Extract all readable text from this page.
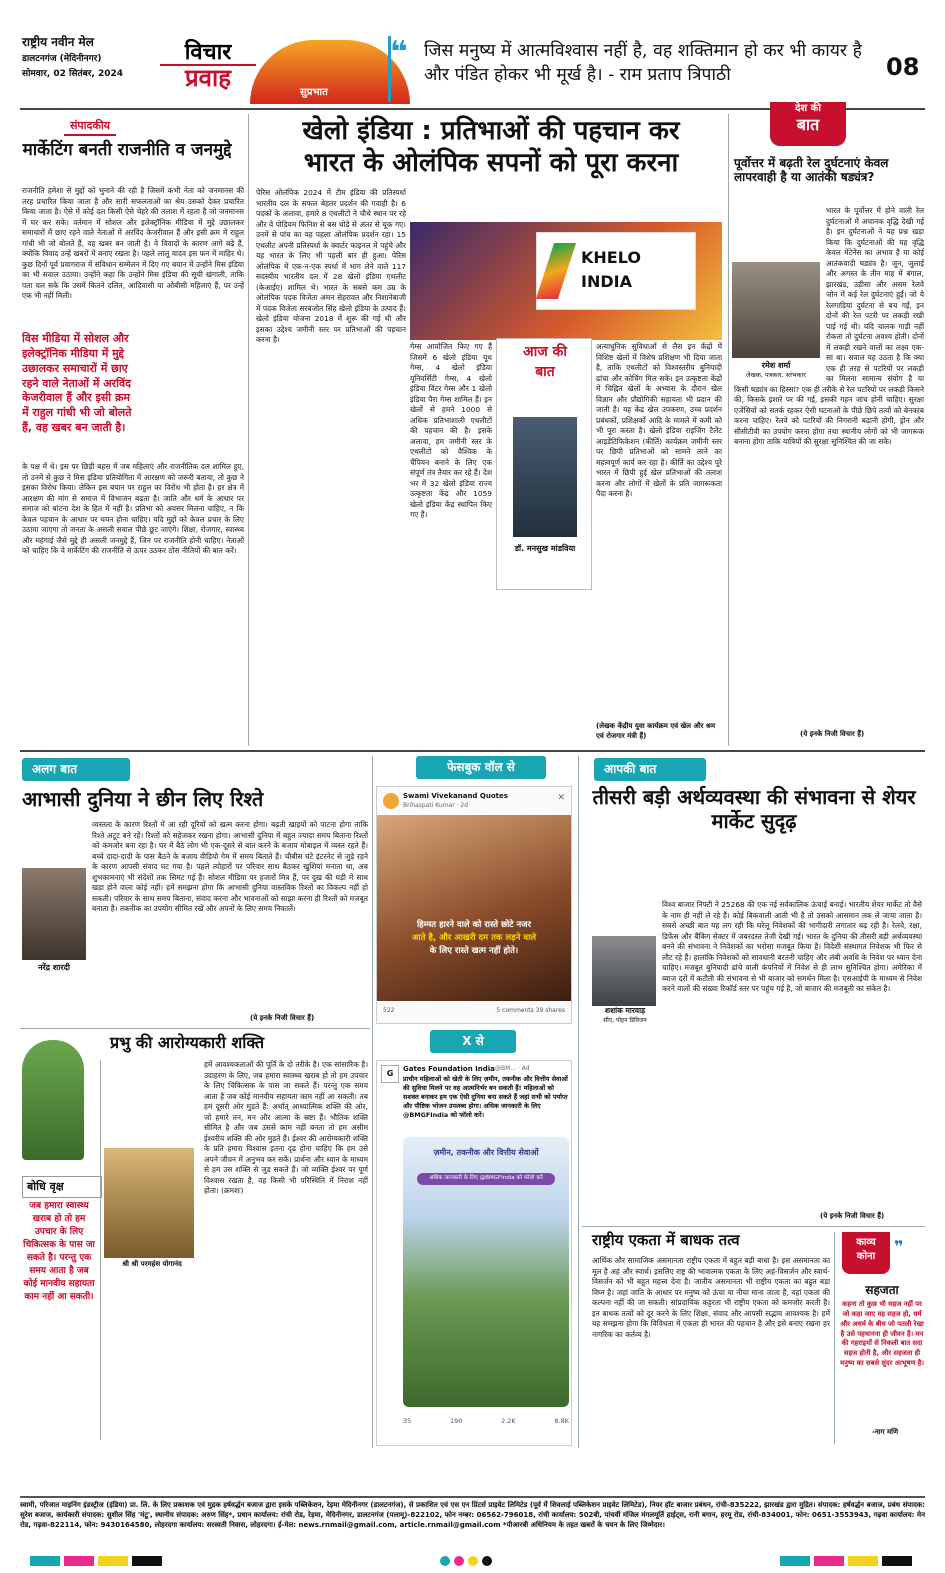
राष्ट्रीय नवीन मेल
डालटनगंज (मेदिनीनगर)
सोमवार, 02 सितंबर, 2024
सुप्रभात
विचार
प्रवाह
❝ जिस मनुष्य में आत्मविश्वास नहीं है, वह शक्तिमान हो कर भी कायर है और पंडित होकर भी मूर्ख है। - राम प्रताप त्रिपाठी	08
संपादकीय
मार्केटिंग बनती राजनीति व जनमुद्दे
राजनीति हमेशा से मुद्दों को भुनाने की रही है जिसमें कभी नेता को जनमानस की तरह प्रचारित किया जाता है और सारी सफलताओं का श्रेय उसको देकर प्रचारित किया जाता है। ऐसे में कोई दल किसी ऐसे चेहरे की तलाश में रहता है जो जनमानस में घर कर सके। वर्तमान में सोशल और इलेक्ट्रॉनिक मीडिया में मुद्दे उछालकर समाचारों में छाए रहने वाले नेताओं में अरविंद केजरीवाल हैं और इसी क्रम में राहुल गांधी भी जो बोलते हैं, वह खबर बन जाती है। वे विवादों के कारण आगे बढ़े हैं, क्योंकि विवाद उन्हें खबरों में बनाए रखता है। पहले लालू यादव इस फन में माहिर थे। कुछ दिनों पूर्व प्रयागराज में संविधान सम्मेलन में दिए गए बयान में उन्होंने मिस इंडिया का भी सवाल उठाया। उन्होंने कहा कि उन्होंने मिस इंडिया की सूची खंगाली, ताकि पता चल सके कि उसमें कितने दलित, आदिवासी या ओबीसी महिलाएं हैं, पर उन्हें एक भी नहीं मिली।
विस मीडिया में सोशल और इलेक्ट्रॉनिक मीडिया में मुद्दे उछालकर समाचारों में छाए रहने वाले नेताओं में अरविंद केजरीवाल हैं और इसी क्रम में राहुल गांधी भी जो बोलते हैं, वह खबर बन जाती है।
के पक्ष में थे। इस पर छिड़ी बहस में जब महिलाएं और राजनीतिक दल शामिल हुए, तो उनमें से कुछ ने मिस इंडिया प्रतियोगिता में आरक्षण को जरूरी बताया, तो कुछ ने इसका विरोध किया। लेकिन इस बयान पर राहुल का विरोध भी होता है। हर क्षेत्र में आरक्षण की मांग से समाज में विभाजन बढ़ता है। जाति और धर्म के आधार पर समाज को बांटना देश के हित में नहीं है। प्रतिभा को अवसर मिलना चाहिए, न कि केवल पहचान के आधार पर चयन होना चाहिए। यदि मुद्दों को केवल प्रचार के लिए उठाया जाएगा तो जनता के असली सवाल पीछे छूट जाएंगे। शिक्षा, रोजगार, स्वास्थ्य और महंगाई जैसे मुद्दे ही असली जनमुद्दे हैं, जिन पर राजनीति होनी चाहिए। नेताओं को चाहिए कि वे मार्केटिंग की राजनीति से ऊपर उठकर ठोस नीतियों की बात करें।
खेलो इंडिया : प्रतिभाओं की पहचान कर
भारत के ओलंपिक सपनों को पूरा करना
पेरिस ओलंपिक 2024 में टीम इंडिया की प्रतिस्पर्धा भारतीय दल के सफल बेहतर प्रदर्शन की गवाही है। 6 पदकों के अलावा, हमारे 8 एथलीटों ने चौथे स्थान पर रहे और वे पोडियम फिनिश से बस थोड़े से अंतर से चूक गए। उनमें से पांच का यह पहला ओलंपिक प्रदर्शन रहा। 15 एथलीट अपनी प्रतिस्पर्धा के क्वार्टर फाइनल में पहुंचे और यह भारत के लिए भी पहली बार ही हुआ। पेरिस ओलंपिक में एक-न-एक स्पर्धा में भाग लेने वाले 117 सदस्यीय भारतीय दल में 28 खेलो इंडिया एथलीट (केआईए) शामिल थे। भारत के सबसे कम उम्र के ओलंपिक पदक विजेता अमन सेहरावत और निशानेबाजी में पदक विजेता सरबजोत सिंह खेलो इंडिया के उत्पाद हैं। खेलो इंडिया योजना 2018 में शुरू की गई थी और इसका उद्देश्य जमीनी स्तर पर प्रतिभाओं की पहचान करना है।
KHELO
INDIA
आज की बात
डॉ. मनसुख मांडविया
गेम्स आयोजित किए गए हैं जिसमें 6 खेलो इंडिया यूथ गेम्स, 4 खेलो इंडिया यूनिवर्सिटी गेम्स, 4 खेलो इंडिया विंटर गेम्स और 1 खेलो इंडिया पैरा गेम्स शामिल हैं। इन खेलों से हमने 1000 से अधिक प्रतिभाशाली एथलीटों की पहचान की है। इसके अलावा, हम जमीनी स्तर के एथलीटों को वैश्विक के चैंपियन बनाने के लिए एक संपूर्ण तंत्र तैयार कर रहे हैं। देश भर में 32 खेलो इंडिया राज्य उत्कृष्टता केंद्र और 1059 खेलो इंडिया केंद्र स्थापित किए गए हैं।
अत्याधुनिक सुविधाओं से लैस इन केंद्रों में विशिष्ट खेलों में विशेष प्रशिक्षण भी दिया जाता है, ताकि एथलीटों को विश्वस्तरीय बुनियादी ढांचा और कोचिंग मिल सके। इन उत्कृष्टता केंद्रों में चिह्नित खेलों के अभ्यास के दौरान खेल विज्ञान और प्रौद्योगिकी सहायता भी प्रदान की जाती है। यह केंद्र खेल उपकरण, उच्च प्रदर्शन प्रबंधकों, प्रशिक्षकों आदि के मामले में कमी को भी पूरा करता है। खेलो इंडिया राइजिंग टैलेंट आइडेंटिफिकेशन (कीर्ति) कार्यक्रम जमीनी स्तर पर छिपी प्रतिभाओं को सामने लाने का महत्वपूर्ण कार्य कर रहा है। कीर्ति का उद्देश्य पूरे भारत में छिपी हुई खेल प्रतिभाओं की तलाश करना और लोगों में खेलों के प्रति जागरूकता पैदा करना है।
(लेखक केंद्रीय युवा कार्यक्रम एवं खेल और श्रम एवं रोजगार मंत्री हैं)
देश की
बात
पूर्वोत्तर में बढ़ती रेल दुर्घटनाएं केवल लापरवाही है या आतंकी षड्यंत्र?
रमेश शर्मा
लेखक, पत्रकार, स्तंभकार
भारत के पूर्वोत्तर में होने वाली रेल दुर्घटनाओं में अचानक वृद्धि देखी गई है। इन दुर्घटनाओं ने यह प्रश्न खड़ा किया कि दुर्घटनाओं की यह वृद्धि केवल मेंटेनेंस का अभाव है या कोई आतंकवादी षड्यंत्र है। जून, जुलाई और अगस्त के तीन माह में बंगाल, झारखंड, उड़ीसा और असम रेलवे जोन में कई रेल दुर्घटनाएं हुईं। जो ये रेलगाड़ियां दुर्घटना से बच गईं, इन दोनों की रेल पटरी पर लकड़ी रखी पाई गई थी। यदि चालक गाड़ी नहीं रोकता तो दुर्घटना अवश्य होती। दोनों में लकड़ी रखने वालों का लक्ष्य एक-सा था। सवाल यह उठता है कि क्या एक ही तरह से पटरियों पर लकड़ी का मिलना सामान्य संयोग है या किसी षड्यंत्र का हिस्सा? एक ही तरीके से रेल पटरियों पर लकड़ी किसने की, किसके इशारे पर की गई, इसकी गहन जांच होनी चाहिए। सुरक्षा एजेंसियों को सतर्क रहकर ऐसी घटनाओं के पीछे छिपे तत्वों को बेनकाब करना चाहिए। रेलवे को पटरियों की निगरानी बढ़ानी होगी, ड्रोन और सीसीटीवी का उपयोग करना होगा तथा स्थानीय लोगों को भी जागरूक बनाना होगा ताकि यात्रियों की सुरक्षा सुनिश्चित की जा सके।
(ये इनके निजी विचार हैं)
अलग बात
आभासी दुनिया ने छीन लिए रिश्ते
नरेंद्र शारदी
व्यस्तता के कारण रिश्तों में आ रही दूरियों को खत्म करना होगा। बढ़ती खाइयों को पाटना होगा ताकि रिश्ते अटूट बने रहें। रिश्तों को सहेजकर रखना होगा। आभासी दुनिया में बहुत ज्यादा समय बिताना रिश्तों को कमजोर बना रहा है। घर में बैठे लोग भी एक-दूसरे से बात करने के बजाय मोबाइल में व्यस्त रहते हैं। बच्चे दादा-दादी के पास बैठने के बजाय वीडियो गेम में समय बिताते हैं। चौबीस घंटे इंटरनेट से जुड़े रहने के कारण आपसी संवाद घट गया है। पहले त्योहारों पर परिवार साथ बैठकर खुशियां मनाता था, अब शुभकामनाएं भी संदेशों तक सिमट गई हैं। सोशल मीडिया पर हजारों मित्र हैं, पर दुख की घड़ी में साथ खड़ा होने वाला कोई नहीं। हमें समझना होगा कि आभासी दुनिया वास्तविक रिश्तों का विकल्प नहीं हो सकती। परिवार के साथ समय बिताना, संवाद करना और भावनाओं को साझा करना ही रिश्तों को मजबूत बनाता है। तकनीक का उपयोग सीमित रखें और अपनों के लिए समय निकालें।
(ये इनके निजी विचार हैं)
प्रभु की आरोग्यकारी शक्ति
बोधि वृक्ष
जब हमारा स्वास्थ्य खराब हो तो हम उपचार के लिए चिकित्सक के पास जा सकते है। परन्तु एक समय आता है जब कोई मानवीय सहायता काम नहीं आ सकती।
श्री श्री परमहंस योगानंद
हमें आवश्यकताओं की पूर्ति के दो तरीके है। एक सांसारिक है। उदाहरण के लिए, जब हमारा स्वास्थ्य खराब हो तो हम उपचार के लिए चिकित्सक के पास जा सकते हैं। परन्तु एक समय आता है जब कोई मानवीय सहायता काम नहीं आ सकती। तब हम दूसरी ओर मुड़ते हैं: अर्थात् आध्यात्मिक शक्ति की ओर, जो हमारे तन, मन और आत्मा के स्रष्टा हैं। भौतिक शक्ति सीमित है और जब उससे काम नहीं बनता तो हम असीम ईश्वरीय शक्ति की ओर मुड़ते हैं। ईश्वर की आरोग्यकारी शक्ति के प्रति हमारा विश्वास इतना दृढ़ होना चाहिए कि हम उसे अपने जीवन में अनुभव कर सकें। प्रार्थना और ध्यान के माध्यम से हम उस शक्ति से जुड़ सकते हैं। जो व्यक्ति ईश्वर पर पूर्ण विश्वास रखता है, वह किसी भी परिस्थिति में निराश नहीं होता। (क्रमशः)
फेसबुक वॉल से
Swami Vivekanand Quotes
Brihaspati Kumar · 2d
✕
हिम्मत हारने वाले को रास्ते छोटे नजर
आते है, और आखरी दम तक लड़ने वाले
के लिए रास्ते खत्म नहीं होते।
522	5 comments 39 shares
X से
G	Gates Foundation India @BM... · Ad
प्राचीन महिलाओं को खेती के लिए ज़मीन, तकनीक और वित्तीय सेवाओं की सुविधा मिलने पर वह आत्मनिर्भर बन सकती हैं! महिलाओं को सशक्त बनाकर हम एक ऐसी दुनिया बना सकते हैं जहां सभी को पर्याप्त और पौष्टिक भोजन उपलब्ध होगा। अधिक जानकारी के लिए @BMGFIndia को फॉलो करें।
ज़मीन, तकनीक और वित्तीय सेवाओं
अधिक जानकारी के लिए @BMGFIndia को फॉलो करें
35	190	2.2K	8.8K
आपकी बात
तीसरी बड़ी अर्थव्यवस्था की संभावना से शेयर मार्केट सुदृढ़
शशांक मारवाड़
सीए, पोहन डिविजन
विश्व बाजार निफ्टी ने 25268 की एक नई सर्वकालिक ऊंचाई बनाई। भारतीय शेयर मार्केट तो वैसे के नाम ही नहीं ले रहे हैं। कोई बिकवाली आती भी है तो उसको आसमान तक ले जाया जाता है। सबसे अच्छी बात यह लग रही कि घरेलू निवेशकों की भागीदारी लगातार बढ़ रही है। रेलवे, रक्षा, डिफेंस और बैंकिंग सेक्टर में जबरदस्त तेजी देखी गई। भारत के दुनिया की तीसरी बड़ी अर्थव्यवस्था बनने की संभावना ने निवेशकों का भरोसा मजबूत किया है। विदेशी संस्थागत निवेशक भी फिर से लौट रहे हैं। हालांकि निवेशकों को सावधानी बरतनी चाहिए और लंबी अवधि के निवेश पर ध्यान देना चाहिए। मजबूत बुनियादी ढांचे वाली कंपनियों में निवेश से ही लाभ सुनिश्चित होगा। अमेरिका में ब्याज दरों में कटौती की संभावना से भी बाजार को समर्थन मिला है। एसआईपी के माध्यम से निवेश करने वालों की संख्या रिकॉर्ड स्तर पर पहुंच गई है, जो बाजार की मजबूती का संकेत है।
(ये इनके निजी विचार हैं)
राष्ट्रीय एकता में बाधक तत्व
आर्थिक और सामाजिक असमानता राष्ट्रीय एकता में बहुत बड़ी बाधा है। इस असमानता का मूल है अहं और स्वार्थ। इसलिए राष्ट्र की भावात्मक एकता के लिए अहं-विसर्जन और स्वार्थ-विसर्जन को भी बहुत महत्त्व देना है। जातीय असमानता भी राष्ट्रीय एकता का बहुत बड़ा विघ्न है। जहां जाति के आधार पर मनुष्य को ऊंचा या नीचा माना जाता है, वहां एकता की कल्पना नहीं की जा सकती। सांप्रदायिक कट्टरता भी राष्ट्रीय एकता को कमजोर करती है। इन बाधक तत्वों को दूर करने के लिए शिक्षा, संवाद और आपसी सद्भाव आवश्यक है। हमें यह समझना होगा कि विविधता में एकता ही भारत की पहचान है और इसे बनाए रखना हर नागरिक का कर्तव्य है।
काव्य
कोना
❞
सहजता
कहना तो कुछ भी सहज नहीं पर जो कहा जाए वह सहज हो, धर्म और अधर्म के बीच जो पतली रेखा है उसे पहचानना ही जीवन है। मन की गहराइयों से निकली बात सदा सहज होती है, और सहजता ही मनुष्य का सबसे सुंदर आभूषण है।
-नाग मणि
स्वामी, परिजात माइनिंग इंडस्ट्रीज (इंडिया) प्रा. लि. के लिए प्रकाशक एवं मुद्रक हर्षवर्द्धन बजाज द्वारा इसके पब्लिकेशन, रेड़मा मेदिनीनगर (डालटनगंज), से प्रकाशित एवं एस एन प्रिंटर्स प्राइवेट लिमिटेड (पूर्व में शिवलाई पब्लिकेशन प्राइवेट लिमिटेड), नियर हॉट बाजार प्रबंधन, रांची-835222, झारखंड द्वारा मुद्रित। संपादक: हर्षवर्द्धन बजाज, प्रबंध संपादक: सुरेश बजाज, कार्यकारी संपादक: सुशील सिंह 'मंटू', स्थानीय संपादक: अरुण सिंह*, प्रधान कार्यालय: रांची रोड, रेड़मा, मेदिनीनगर, डालटनगंज (पलामू)-822102, फोन नम्बर: 06562-796018, रांची कार्यालय: 502बी, पांचवीं मंजिल मंगलमूर्ति हाईट्स, रानी बगान, हरमू रोड, रांची-834001, फोन: 0651-3553943, गढ़वा कार्यालय: मेन रोड, गढ़वा-822114, फोन: 9430164580, लोहरदगा कार्यालय: सरस्वती निवास, लोहरदगा। ई-मेल: news.rnmail@gmail.com, article.rnmail@gmail.com *पीआरबी अधिनियम के तहत खबरों के चयन के लिए जिम्मेदार।
